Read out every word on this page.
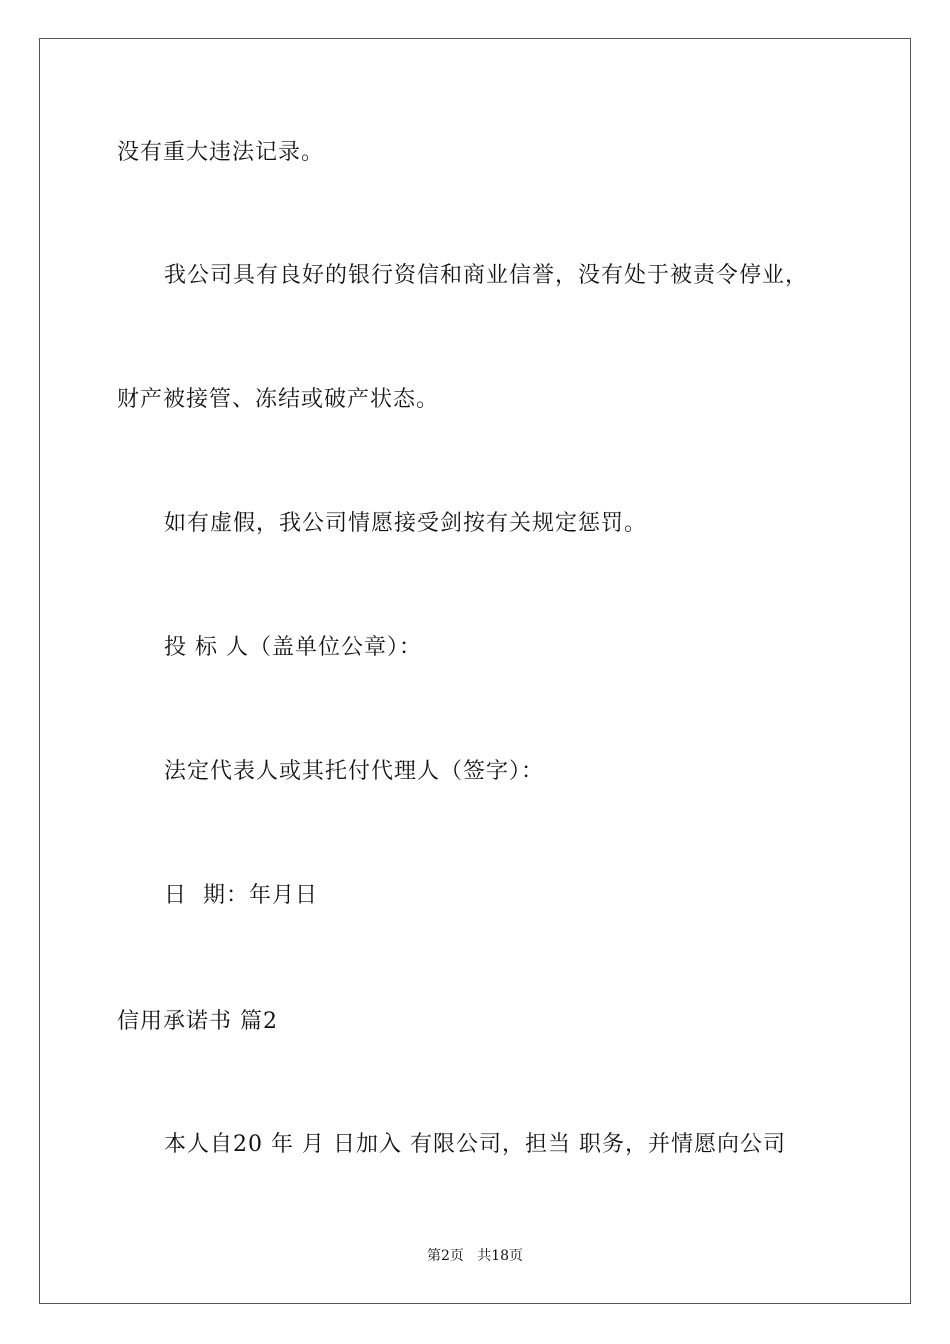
没有重大违法记录。
我公司具有良好的银行资信和商业信誉，没有处于被责令停业，
财产被接管、冻结或破产状态。
如有虚假，我公司情愿接受剑按有关规定惩罚。
投 标 人（盖单位公章）：
法定代表人或其托付代理人（签字）：
日  期：年月日
信用承诺书 篇2
本人自20 年 月 日加入 有限公司，担当 职务，并情愿向公司
第2页   共18页
